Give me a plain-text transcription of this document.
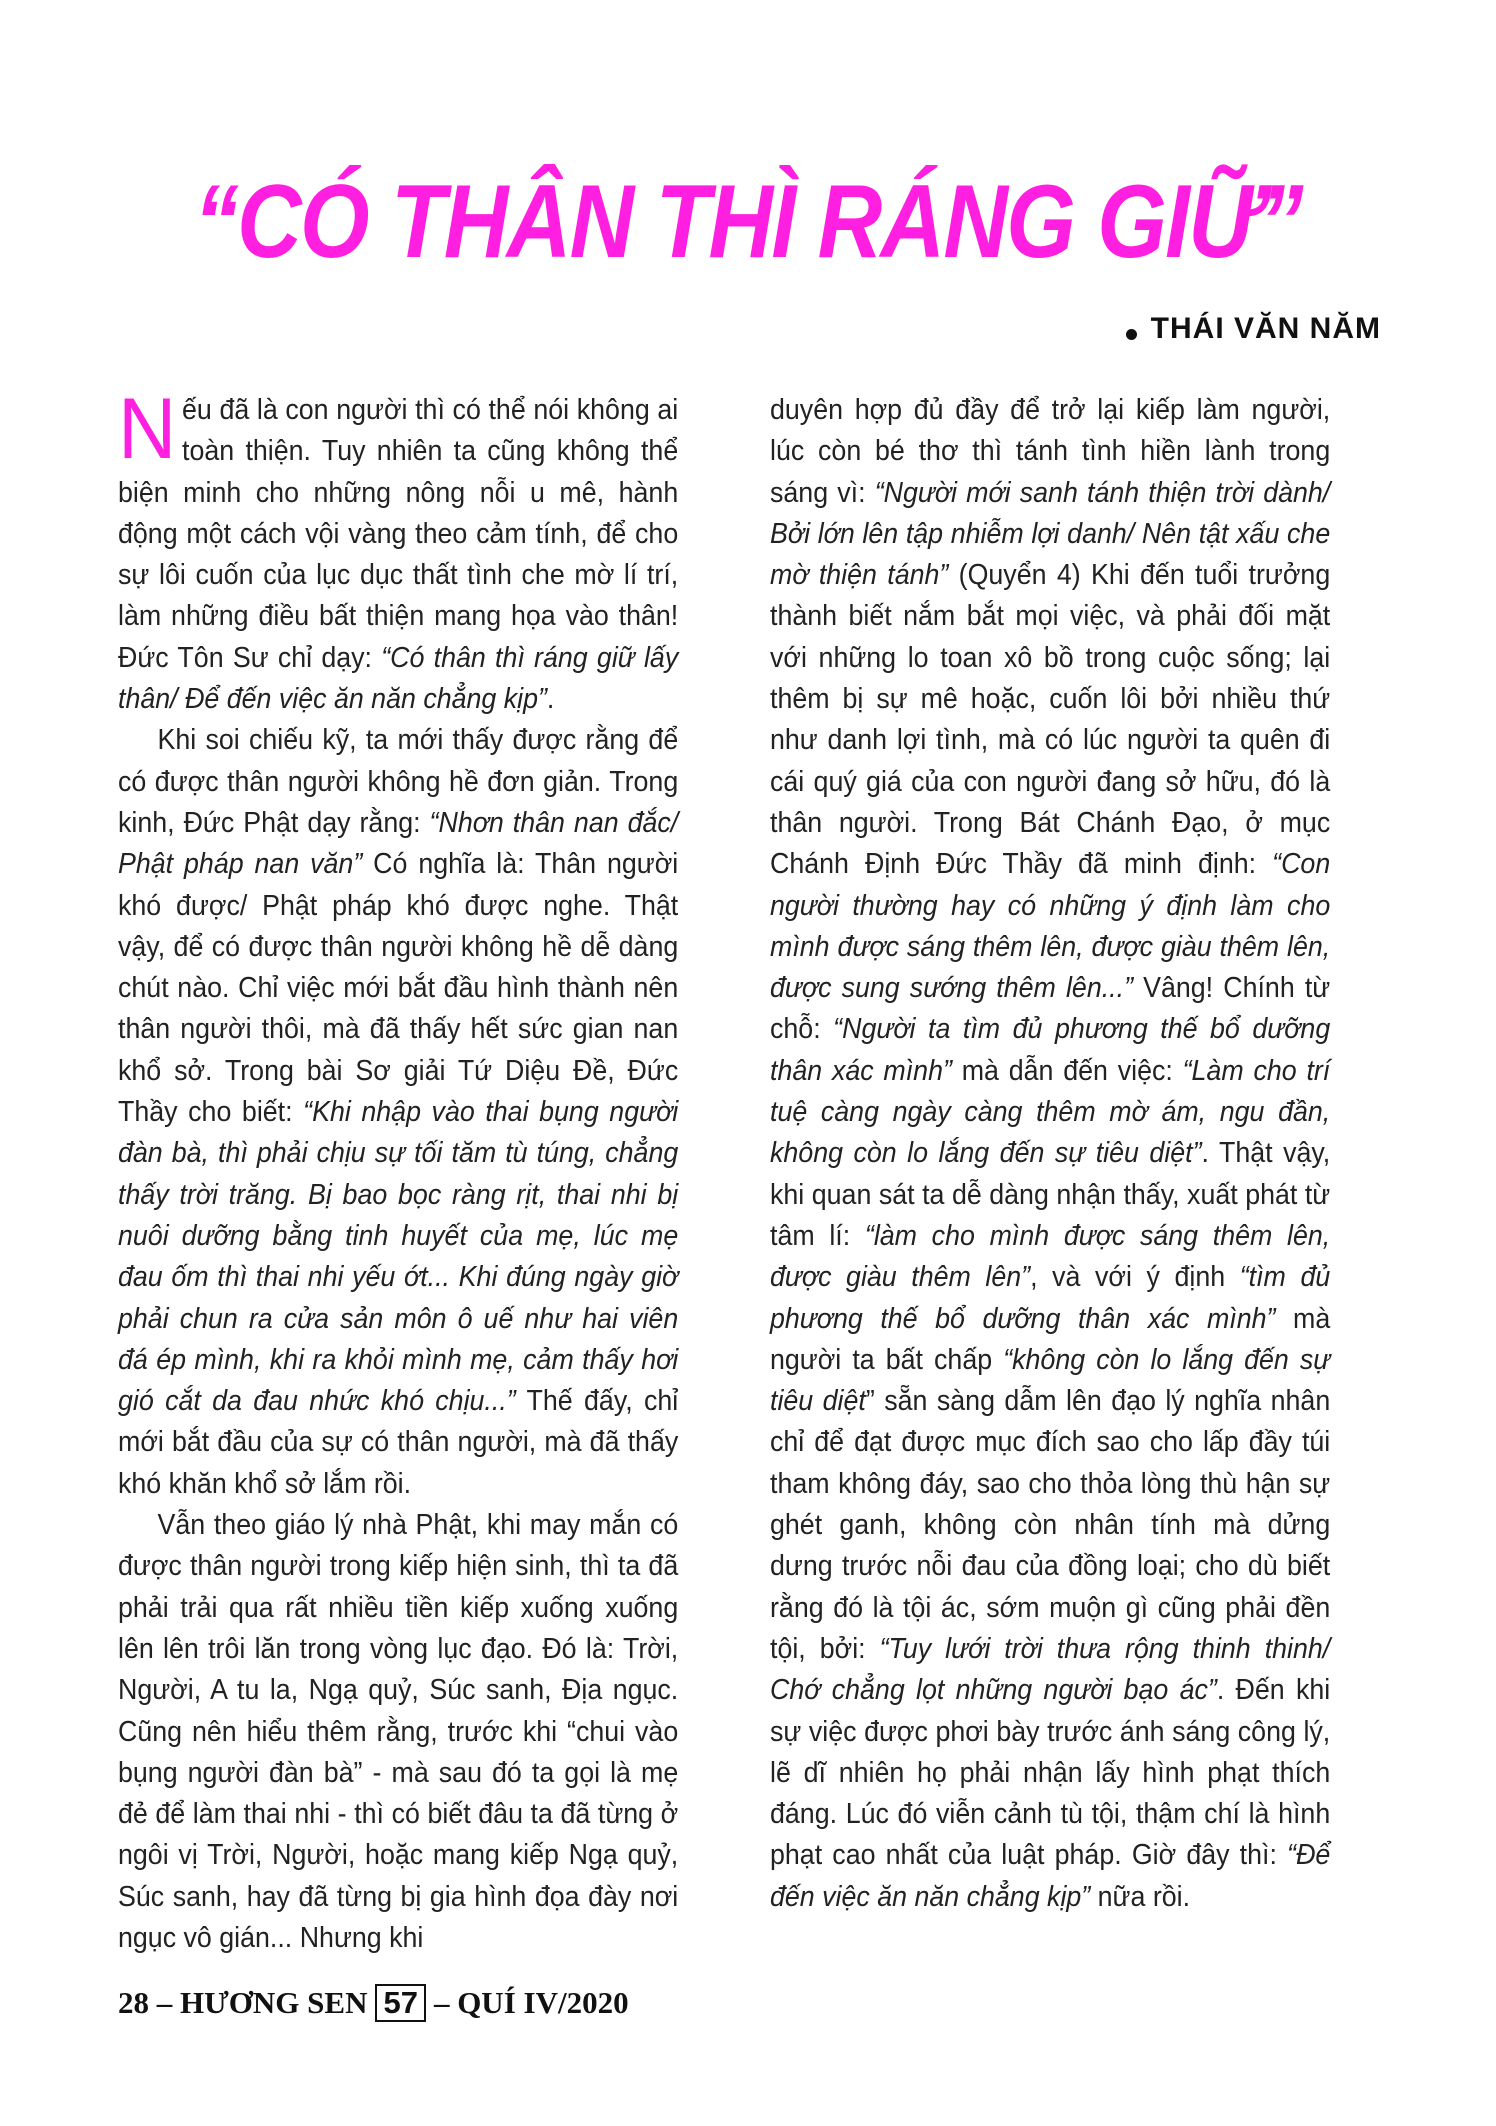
“CÓ THÂN THÌ RÁNG GIỮ”
THÁI VĂN NĂM

Nếu đã là con người thì có thể nói không ai toàn thiện. Tuy nhiên ta cũng không thể biện minh cho những nông nỗi u mê, hành động một cách vội vàng theo cảm tính, để cho sự lôi cuốn của lục dục thất tình che mờ lí trí, làm những điều bất thiện mang họa vào thân! Đức Tôn Sư chỉ dạy: “Có thân thì ráng giữ lấy thân/ Để đến việc ăn năn chẳng kịp”.

Khi soi chiếu kỹ, ta mới thấy được rằng để có được thân người không hề đơn giản. Trong kinh, Đức Phật dạy rằng: “Nhơn thân nan đắc/ Phật pháp nan văn” Có nghĩa là: Thân người khó được/ Phật pháp khó được nghe. Thật vậy, để có được thân người không hề dễ dàng chút nào. Chỉ việc mới bắt đầu hình thành nên thân người thôi, mà đã thấy hết sức gian nan khổ sở. Trong bài Sơ giải Tứ Diệu Đề, Đức Thầy cho biết: “Khi nhập vào thai bụng người đàn bà, thì phải chịu sự tối tăm tù túng, chẳng thấy trời trăng. Bị bao bọc ràng rịt, thai nhi bị nuôi dưỡng bằng tinh huyết của mẹ, lúc mẹ đau ốm thì thai nhi yếu ớt... Khi đúng ngày giờ phải chun ra cửa sản môn ô uế như hai viên đá ép mình, khi ra khỏi mình mẹ, cảm thấy hơi gió cắt da đau nhức khó chịu...” Thế đấy, chỉ mới bắt đầu của sự có thân người, mà đã thấy khó khăn khổ sở lắm rồi.

Vẫn theo giáo lý nhà Phật, khi may mắn có được thân người trong kiếp hiện sinh, thì ta đã phải trải qua rất nhiều tiền kiếp xuống xuống lên lên trôi lăn trong vòng lục đạo. Đó là: Trời, Người, A tu la, Ngạ quỷ, Súc sanh, Địa ngục. Cũng nên hiểu thêm rằng, trước khi “chui vào bụng người đàn bà” - mà sau đó ta gọi là mẹ đẻ để làm thai nhi - thì có biết đâu ta đã từng ở ngôi vị Trời, Người, hoặc mang kiếp Ngạ quỷ, Súc sanh, hay đã từng bị gia hình đọa đày nơi ngục vô gián... Nhưng khi

duyên hợp đủ đầy để trở lại kiếp làm người, lúc còn bé thơ thì tánh tình hiền lành trong sáng vì: “Người mới sanh tánh thiện trời dành/ Bởi lớn lên tập nhiễm lợi danh/ Nên tật xấu che mờ thiện tánh” (Quyển 4) Khi đến tuổi trưởng thành biết nắm bắt mọi việc, và phải đối mặt với những lo toan xô bồ trong cuộc sống; lại thêm bị sự mê hoặc, cuốn lôi bởi nhiều thứ như danh lợi tình, mà có lúc người ta quên đi cái quý giá của con người đang sở hữu, đó là thân người. Trong Bát Chánh Đạo, ở mục Chánh Định Đức Thầy đã minh định: “Con người thường hay có những ý định làm cho mình được sáng thêm lên, được giàu thêm lên, được sung sướng thêm lên...” Vâng! Chính từ chỗ: “Người ta tìm đủ phương thế bổ dưỡng thân xác mình” mà dẫn đến việc: “Làm cho trí tuệ càng ngày càng thêm mờ ám, ngu đần, không còn lo lắng đến sự tiêu diệt”. Thật vậy, khi quan sát ta dễ dàng nhận thấy, xuất phát từ tâm lí: “làm cho mình được sáng thêm lên, được giàu thêm lên”, và với ý định “tìm đủ phương thế bổ dưỡng thân xác mình” mà người ta bất chấp “không còn lo lắng đến sự tiêu diệt” sẵn sàng dẫm lên đạo lý nghĩa nhân chỉ để đạt được mục đích sao cho lấp đầy túi tham không đáy, sao cho thỏa lòng thù hận sự ghét ganh, không còn nhân tính mà dửng dưng trước nỗi đau của đồng loại; cho dù biết rằng đó là tội ác, sớm muộn gì cũng phải đền tội, bởi: “Tuy lưới trời thưa rộng thinh thinh/ Chớ chẳng lọt những người bạo ác”. Đến khi sự việc được phơi bày trước ánh sáng công lý, lẽ dĩ nhiên họ phải nhận lấy hình phạt thích đáng. Lúc đó viễn cảnh tù tội, thậm chí là hình phạt cao nhất của luật pháp. Giờ đây thì: “Để đến việc ăn năn chẳng kịp” nữa rồi.

28
–
HƯƠNG SEN 57 –
QUÍ IV/2020
